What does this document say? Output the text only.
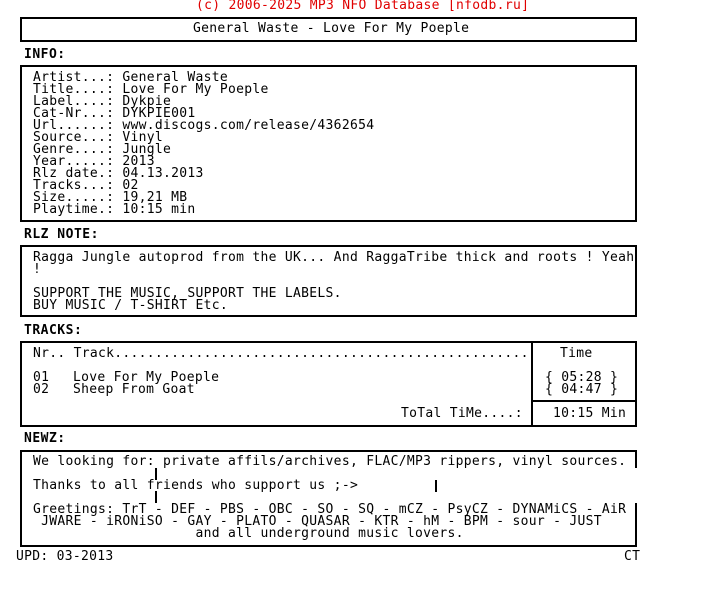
(c) 2006-2025 MP3 NFO Database [nfodb.ru]
General Waste - Love For My Poeple
INFO:
Artist...: General Waste
Title....: Love For My Poeple
Label....: Dykpie
Cat-Nr...: DYKPIE001
Url......: www.discogs.com/release/4362654
Source...: Vinyl
Genre....: Jungle
Year.....: 2013
Rlz date.: 04.13.2013
Tracks...: 02
Size.....: 19,21 MB
Playtime.: 10:15 min
RLZ NOTE:
Ragga Jungle autoprod from the UK... And RaggaTribe thick and roots ! Yeah
!
SUPPORT THE MUSIC, SUPPORT THE LABELS.
BUY MUSIC / T-SHIRT Etc.
TRACKS:
Nr.. Track................................................... Time
01 Love For My Poeple	{ 05:28 }
02 Sheep From Goat	{ 04:47 }
ToTal TiMe....: 10:15 Min
NEWZ:
We looking for: private affils/archives, FLAC/MP3 rippers, vinyl sources.
Thanks to all friends who support us ;->
Greetings: TrT - DEF - PBS - OBC - SO - SQ - mCZ - PsyCZ - DYNAMiCS - AiR
JWARE - iRONiSO - GAY - PLATO - QUASAR - KTR - hM - BPM - sour - JUST
and all underground music lovers.
UPD: 03-2013	CT
